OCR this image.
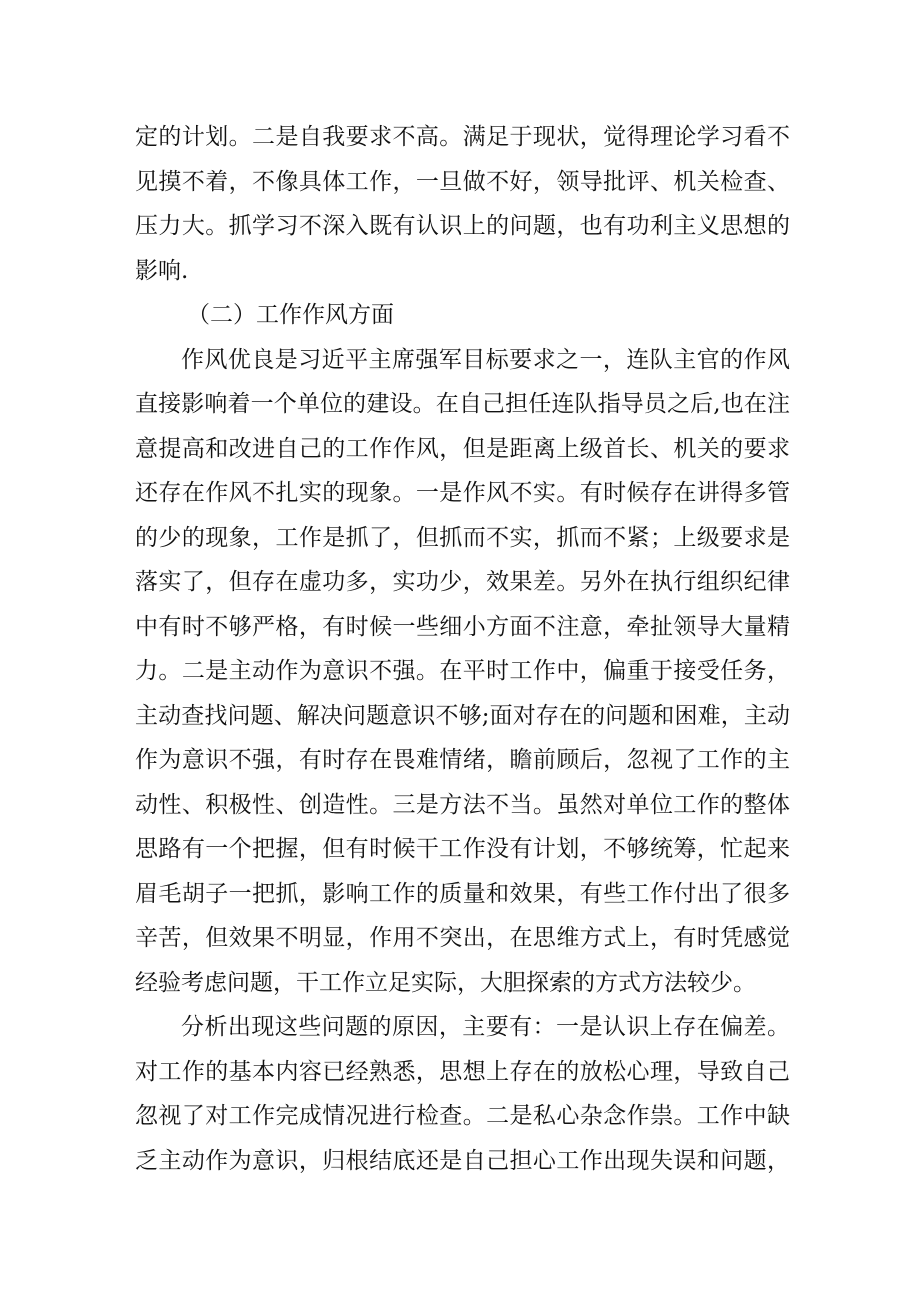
定的计划。二是自我要求不高。满足于现状，觉得理论学习看不
见摸不着，不像具体工作，一旦做不好，领导批评、机关检查、
压力大。抓学习不深入既有认识上的问题，也有功利主义思想的
影响.
（二）工作作风方面
作风优良是习近平主席强军目标要求之一，连队主官的作风
直接影响着一个单位的建设。在自己担任连队指导员之后,也在注
意提高和改进自己的工作作风，但是距离上级首长、机关的要求
还存在作风不扎实的现象。一是作风不实。有时候存在讲得多管
的少的现象，工作是抓了，但抓而不实，抓而不紧；上级要求是
落实了，但存在虚功多，实功少，效果差。另外在执行组织纪律
中有时不够严格，有时候一些细小方面不注意，牵扯领导大量精
力。二是主动作为意识不强。在平时工作中，偏重于接受任务，
主动查找问题、解决问题意识不够;面对存在的问题和困难，主动
作为意识不强，有时存在畏难情绪，瞻前顾后，忽视了工作的主
动性、积极性、创造性。三是方法不当。虽然对单位工作的整体
思路有一个把握，但有时候干工作没有计划，不够统筹，忙起来
眉毛胡子一把抓，影响工作的质量和效果，有些工作付出了很多
辛苦，但效果不明显，作用不突出，在思维方式上，有时凭感觉
经验考虑问题，干工作立足实际，大胆探索的方式方法较少。
分析出现这些问题的原因，主要有：一是认识上存在偏差。
对工作的基本内容已经熟悉，思想上存在的放松心理，导致自己
忽视了对工作完成情况进行检查。二是私心杂念作祟。工作中缺
乏主动作为意识，归根结底还是自己担心工作出现失误和问题，
